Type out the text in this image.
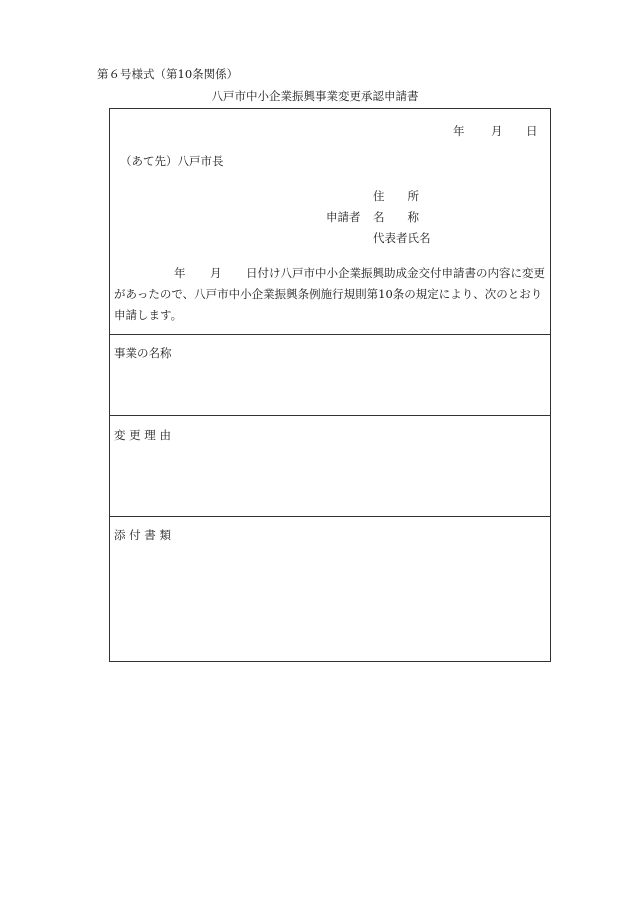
第６号様式（第10条関係）
八戸市中小企業振興事業変更承認申請書
年 月 日
（あて先）八戸市長
住　　所
申請者 名　　称
代表者氏名
年 月 日付け八戸市中小企業振興助成金交付申請書の内容に変更
があったので、八戸市中小企業振興条例施行規則第10条の規定により、次のとおり
申請します。
事業の名称
変 更 理 由
添 付 書 類
